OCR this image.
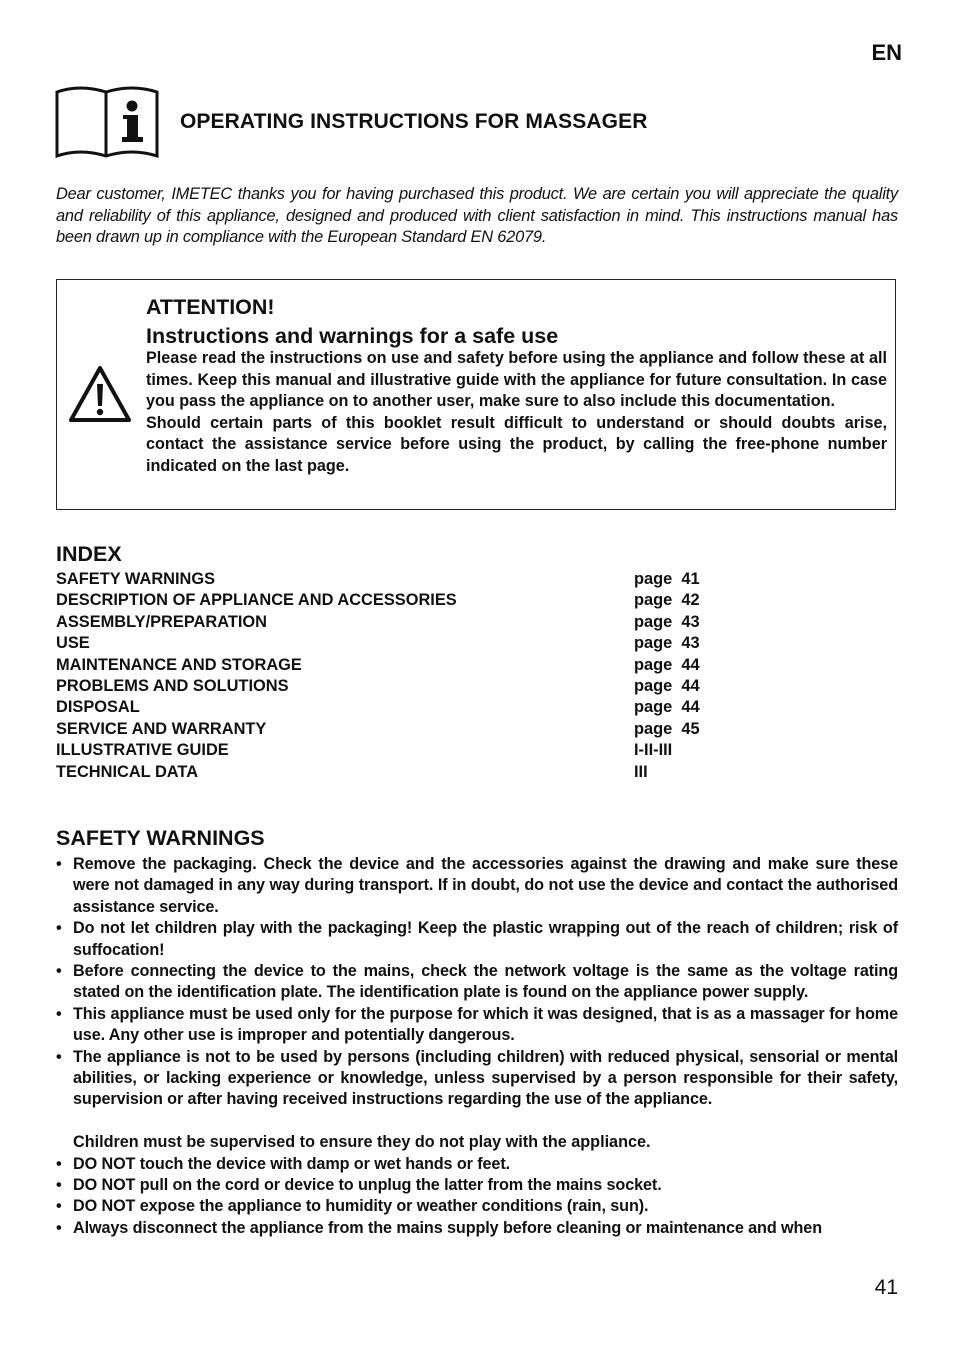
EN
OPERATING INSTRUCTIONS FOR MASSAGER
Dear customer, IMETEC thanks you for having purchased this product. We are certain you will appreciate the quality and reliability of this appliance, designed and produced with client satisfaction in mind. This instructions manual has been drawn up in compliance with the European Standard EN 62079.
ATTENTION!
Instructions and warnings for a safe use

Please read the instructions on use and safety before using the appliance and follow these at all times. Keep this manual and illustrative guide with the appliance for future consultation. In case you pass the appliance on to another user, make sure to also include this documentation.

Should certain parts of this booklet result difficult to understand or should doubts arise, contact the assistance service before using the product, by calling the free-phone number indicated on the last page.

INDEX
SAFETY WARNINGS	page  41
DESCRIPTION OF APPLIANCE AND ACCESSORIES	page  42
ASSEMBLY/PREPARATION	page  43
USE	page  43
MAINTENANCE AND STORAGE	page  44
PROBLEMS AND SOLUTIONS	page  44
DISPOSAL	page  44
SERVICE AND WARRANTY	page  45
ILLUSTRATIVE GUIDE	I-II-III
TECHNICAL DATA	III
SAFETY WARNINGS
• Remove the packaging. Check the device and the accessories against the drawing and make sure these were not damaged in any way during transport. If in doubt, do not use the device and contact the authorised assistance service.
• Do not let children play with the packaging! Keep the plastic wrapping out of the reach of children; risk of suffocation!
• Before connecting the device to the mains, check the network voltage is the same as the voltage rating stated on the identification plate. The identification plate is found on the appliance power supply.
• This appliance must be used only for the purpose for which it was designed, that is as a massager for home use. Any other use is improper and potentially dangerous.
• The appliance is not to be used by persons (including children) with reduced physical, sensorial or mental abilities, or lacking experience or knowledge, unless supervised by a person responsible for their safety, supervision or after having received instructions regarding the use of the appliance.
Children must be supervised to ensure they do not play with the appliance.
• DO NOT touch the device with damp or wet hands or feet.
• DO NOT pull on the cord or device to unplug the latter from the mains socket.
• DO NOT expose the appliance to humidity or weather conditions (rain, sun).
• Always disconnect the appliance from the mains supply before cleaning or maintenance and when
41
